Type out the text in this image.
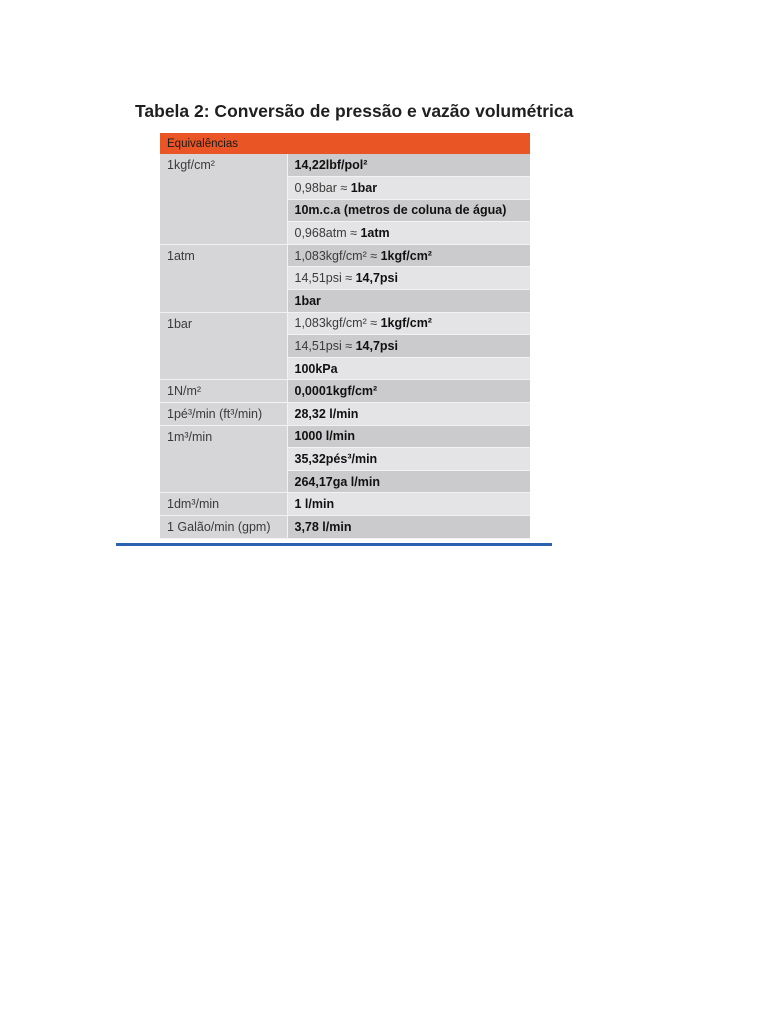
Tabela 2: Conversão de pressão e vazão volumétrica
Equivalências	
1kgf/cm²	14,22lbf/pol²
	0,98bar ≈ 1bar
	10m.c.a (metros de coluna de água)
	0,968atm ≈ 1atm
1atm	1,083kgf/cm² ≈ 1kgf/cm²
	14,51psi ≈ 14,7psi
	1bar
1bar	1,083kgf/cm² ≈ 1kgf/cm²
	14,51psi ≈ 14,7psi
	100kPa
1N/m²	0,0001kgf/cm²
1pé³/min (ft³/min)	28,32 l/min
1m³/min	1000 l/min
	35,32pés³/min
	264,17ga l/min
1dm³/min	1 l/min
1 Galão/min (gpm)	3,78 l/min
